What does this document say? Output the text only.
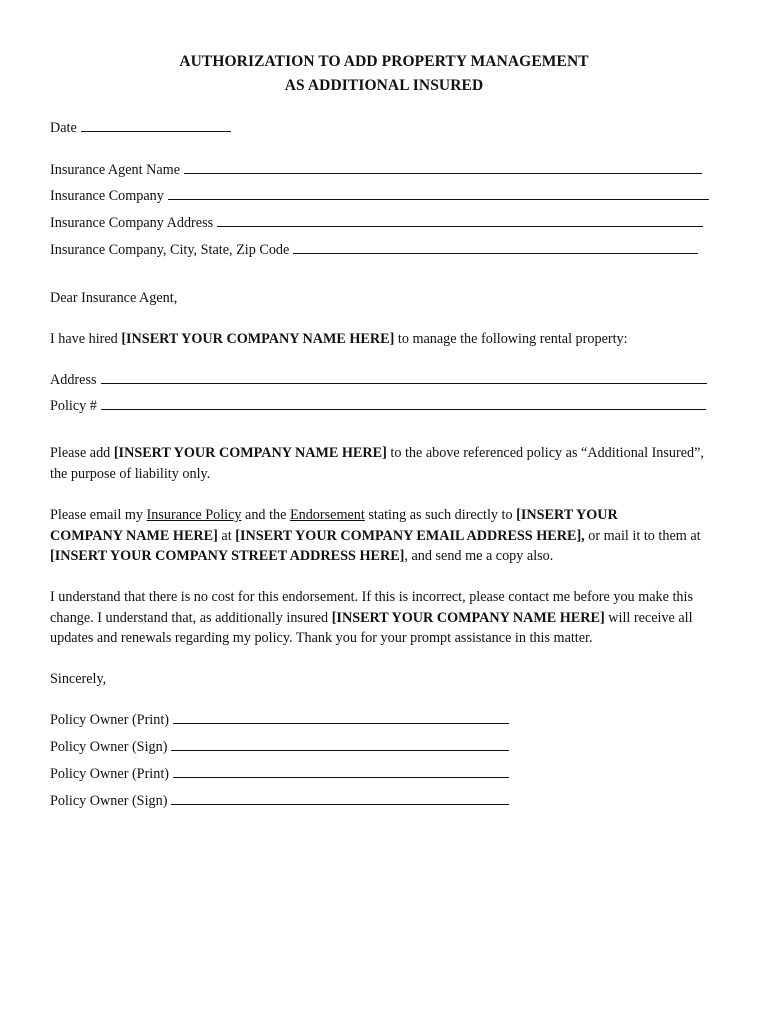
AUTHORIZATION TO ADD PROPERTY MANAGEMENT
AS ADDITIONAL INSURED
Date
Insurance Agent Name
Insurance Company
Insurance Company Address
Insurance Company, City, State, Zip Code
Dear Insurance Agent,
I have hired [INSERT YOUR COMPANY NAME HERE] to manage the following rental property:
Address
Policy #
Please add [INSERT YOUR COMPANY NAME HERE] to the above referenced policy as “Additional Insured”, the purpose of liability only.
Please email my Insurance Policy and the Endorsement stating as such directly to [INSERT YOUR
COMPANY NAME HERE] at [INSERT YOUR COMPANY EMAIL ADDRESS HERE], or mail it to them at [INSERT YOUR COMPANY STREET ADDRESS HERE], and send me a copy also.
I understand that there is no cost for this endorsement. If this is incorrect, please contact me before you make this change. I understand that, as additionally insured [INSERT YOUR COMPANY NAME HERE] will receive all updates and renewals regarding my policy. Thank you for your prompt assistance in this matter.
Sincerely,
Policy Owner (Print)
Policy Owner (Sign)
Policy Owner (Print)
Policy Owner (Sign)
